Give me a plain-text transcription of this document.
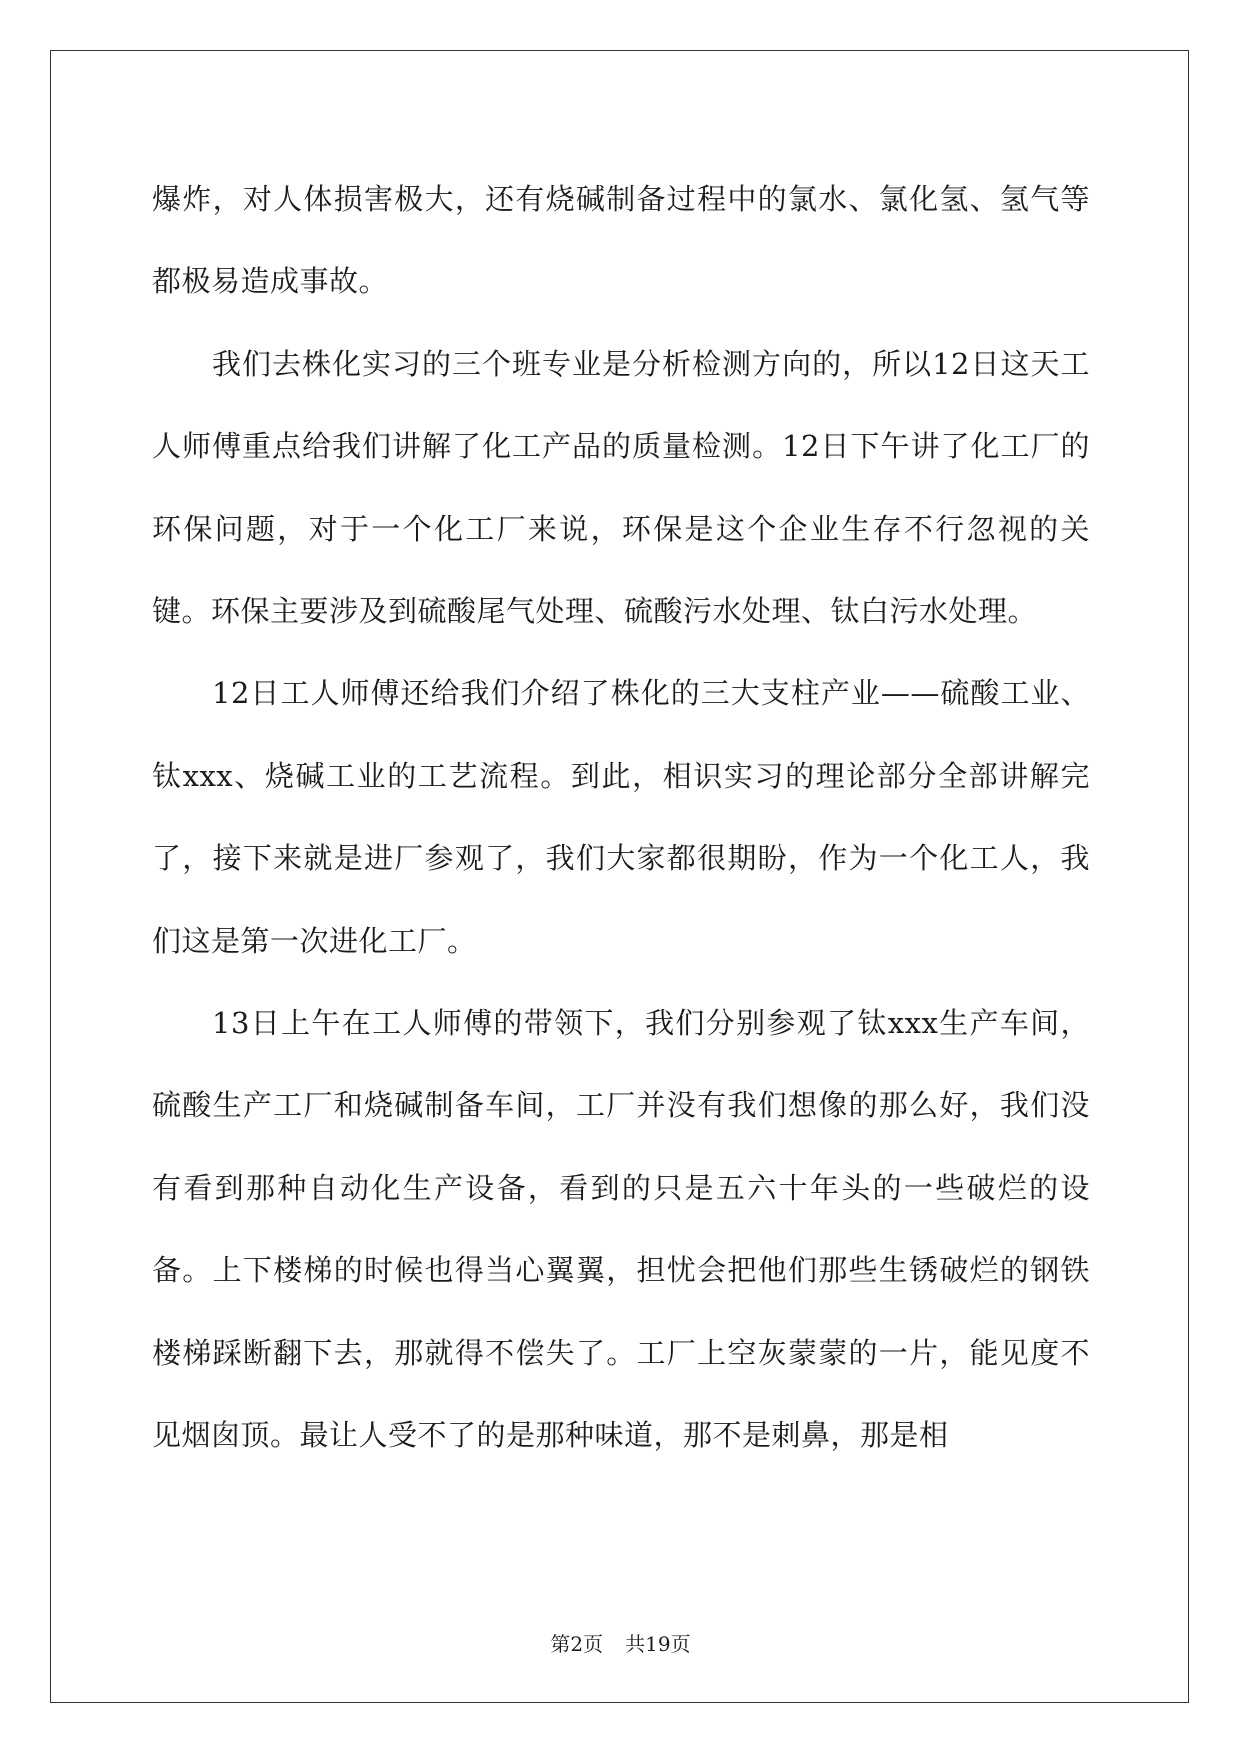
爆炸，对人体损害极大，还有烧碱制备过程中的氯水、氯化氢、氢气等都极易造成事故。

我们去株化实习的三个班专业是分析检测方向的，所以12日这天工人师傅重点给我们讲解了化工产品的质量检测。12日下午讲了化工厂的环保问题，对于一个化工厂来说，环保是这个企业生存不行忽视的关键。环保主要涉及到硫酸尾气处理、硫酸污水处理、钛白污水处理。

12日工人师傅还给我们介绍了株化的三大支柱产业——硫酸工业、钛xxx、烧碱工业的工艺流程。到此，相识实习的理论部分全部讲解完了，接下来就是进厂参观了，我们大家都很期盼，作为一个化工人，我们这是第一次进化工厂。

13日上午在工人师傅的带领下，我们分别参观了钛xxx生产车间，硫酸生产工厂和烧碱制备车间，工厂并没有我们想像的那么好，我们没有看到那种自动化生产设备，看到的只是五六十年头的一些破烂的设备。上下楼梯的时候也得当心翼翼，担忧会把他们那些生锈破烂的钢铁楼梯踩断翻下去，那就得不偿失了。工厂上空灰蒙蒙的一片，能见度不见烟囱顶。最让人受不了的是那种味道，那不是刺鼻，那是相

第2页 共19页
